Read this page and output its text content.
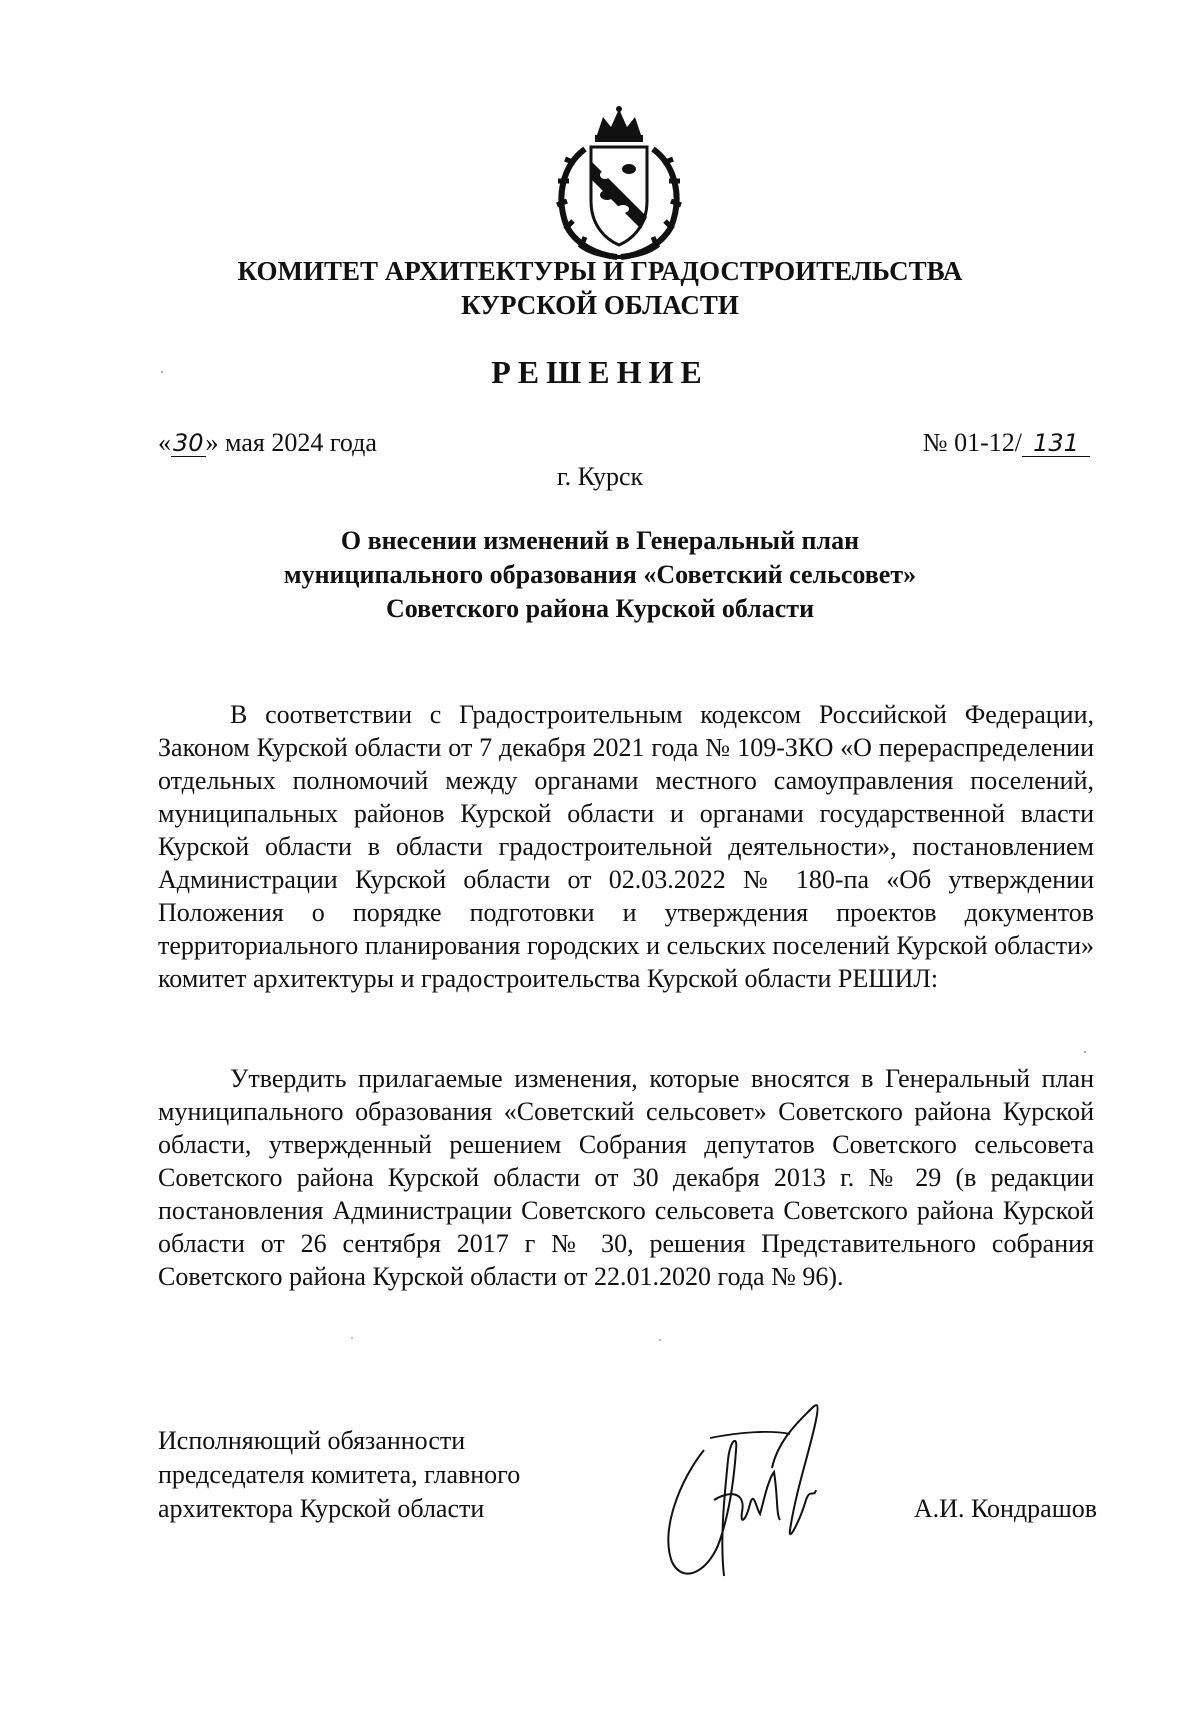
КОМИТЕТ АРХИТЕКТУРЫ И ГРАДОСТРОИТЕЛЬСТВА
КУРСКОЙ ОБЛАСТИ
РЕШЕНИЕ
«30» мая 2024 года	№ 01-12/ 131
г. Курск
О внесении изменений в Генеральный план
муниципального образования «Советский сельсовет»
Советского района Курской области

В соответствии с Градостроительным кодексом Российской Федерации, Законом Курской области от 7 декабря 2021 года № 109-ЗКО «О перераспределении отдельных полномочий между органами местного самоуправления поселений, муниципальных районов Курской области и органами государственной власти Курской области в области градостроительной деятельности», постановлением Администрации Курской области от 02.03.2022 № 180-па «Об утверждении Положения о порядке подготовки и утверждения проектов документов территориального планирования городских и сельских поселений Курской области» комитет архитектуры и градостроительства Курской области РЕШИЛ:

Утвердить прилагаемые изменения, которые вносятся в Генеральный план муниципального образования «Советский сельсовет» Советского района Курской области, утвержденный решением Собрания депутатов Советского сельсовета Советского района Курской области от 30 декабря 2013 г. № 29 (в редакции постановления Администрации Советского сельсовета Советского района Курской области от 26 сентября 2017 г № 30, решения Представительного собрания Советского района Курской области от 22.01.2020 года № 96).

Исполняющий обязанности
председателя комитета, главного
архитектора Курской области	А.И. Кондрашов
